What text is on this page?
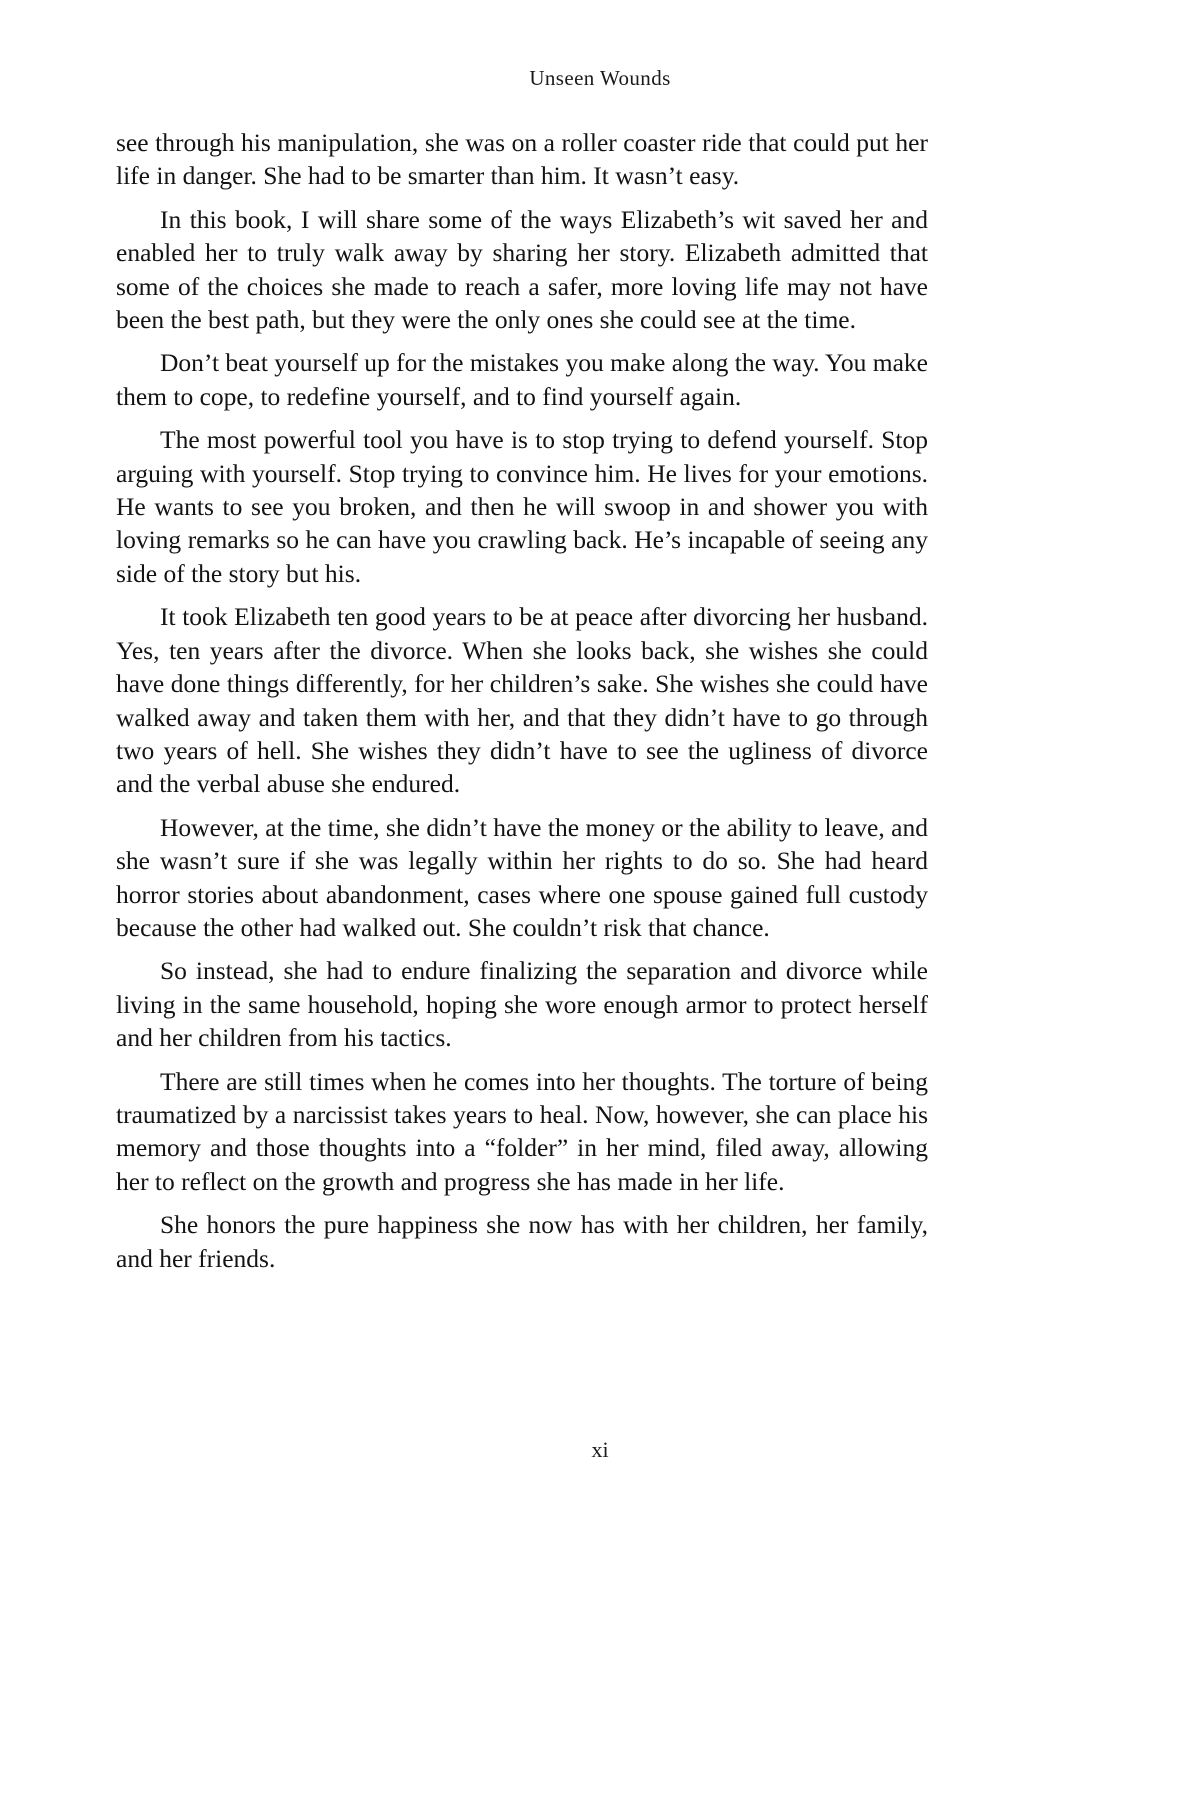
Unseen Wounds

see through his manipulation, she was on a roller coaster ride that could put her life in danger. She had to be smarter than him. It wasn’t easy.

In this book, I will share some of the ways Elizabeth’s wit saved her and enabled her to truly walk away by sharing her story. Elizabeth admitted that some of the choices she made to reach a safer, more loving life may not have been the best path, but they were the only ones she could see at the time.

Don’t beat yourself up for the mistakes you make along the way. You make them to cope, to redefine yourself, and to find yourself again.

The most powerful tool you have is to stop trying to defend yourself. Stop arguing with yourself. Stop trying to convince him. He lives for your emotions. He wants to see you broken, and then he will swoop in and shower you with loving remarks so he can have you crawling back. He’s incapable of seeing any side of the story but his.

It took Elizabeth ten good years to be at peace after divorcing her husband. Yes, ten years after the divorce. When she looks back, she wishes she could have done things differently, for her children’s sake. She wishes she could have walked away and taken them with her, and that they didn’t have to go through two years of hell. She wishes they didn’t have to see the ugliness of divorce and the verbal abuse she endured.

However, at the time, she didn’t have the money or the ability to leave, and she wasn’t sure if she was legally within her rights to do so. She had heard horror stories about abandonment, cases where one spouse gained full custody because the other had walked out. She couldn’t risk that chance.

So instead, she had to endure finalizing the separation and divorce while living in the same household, hoping she wore enough armor to protect herself and her children from his tactics.

There are still times when he comes into her thoughts. The torture of being traumatized by a narcissist takes years to heal. Now, however, she can place his memory and those thoughts into a “folder” in her mind, filed away, allowing her to reflect on the growth and progress she has made in her life.

She honors the pure happiness she now has with her children, her family, and her friends.

xi
